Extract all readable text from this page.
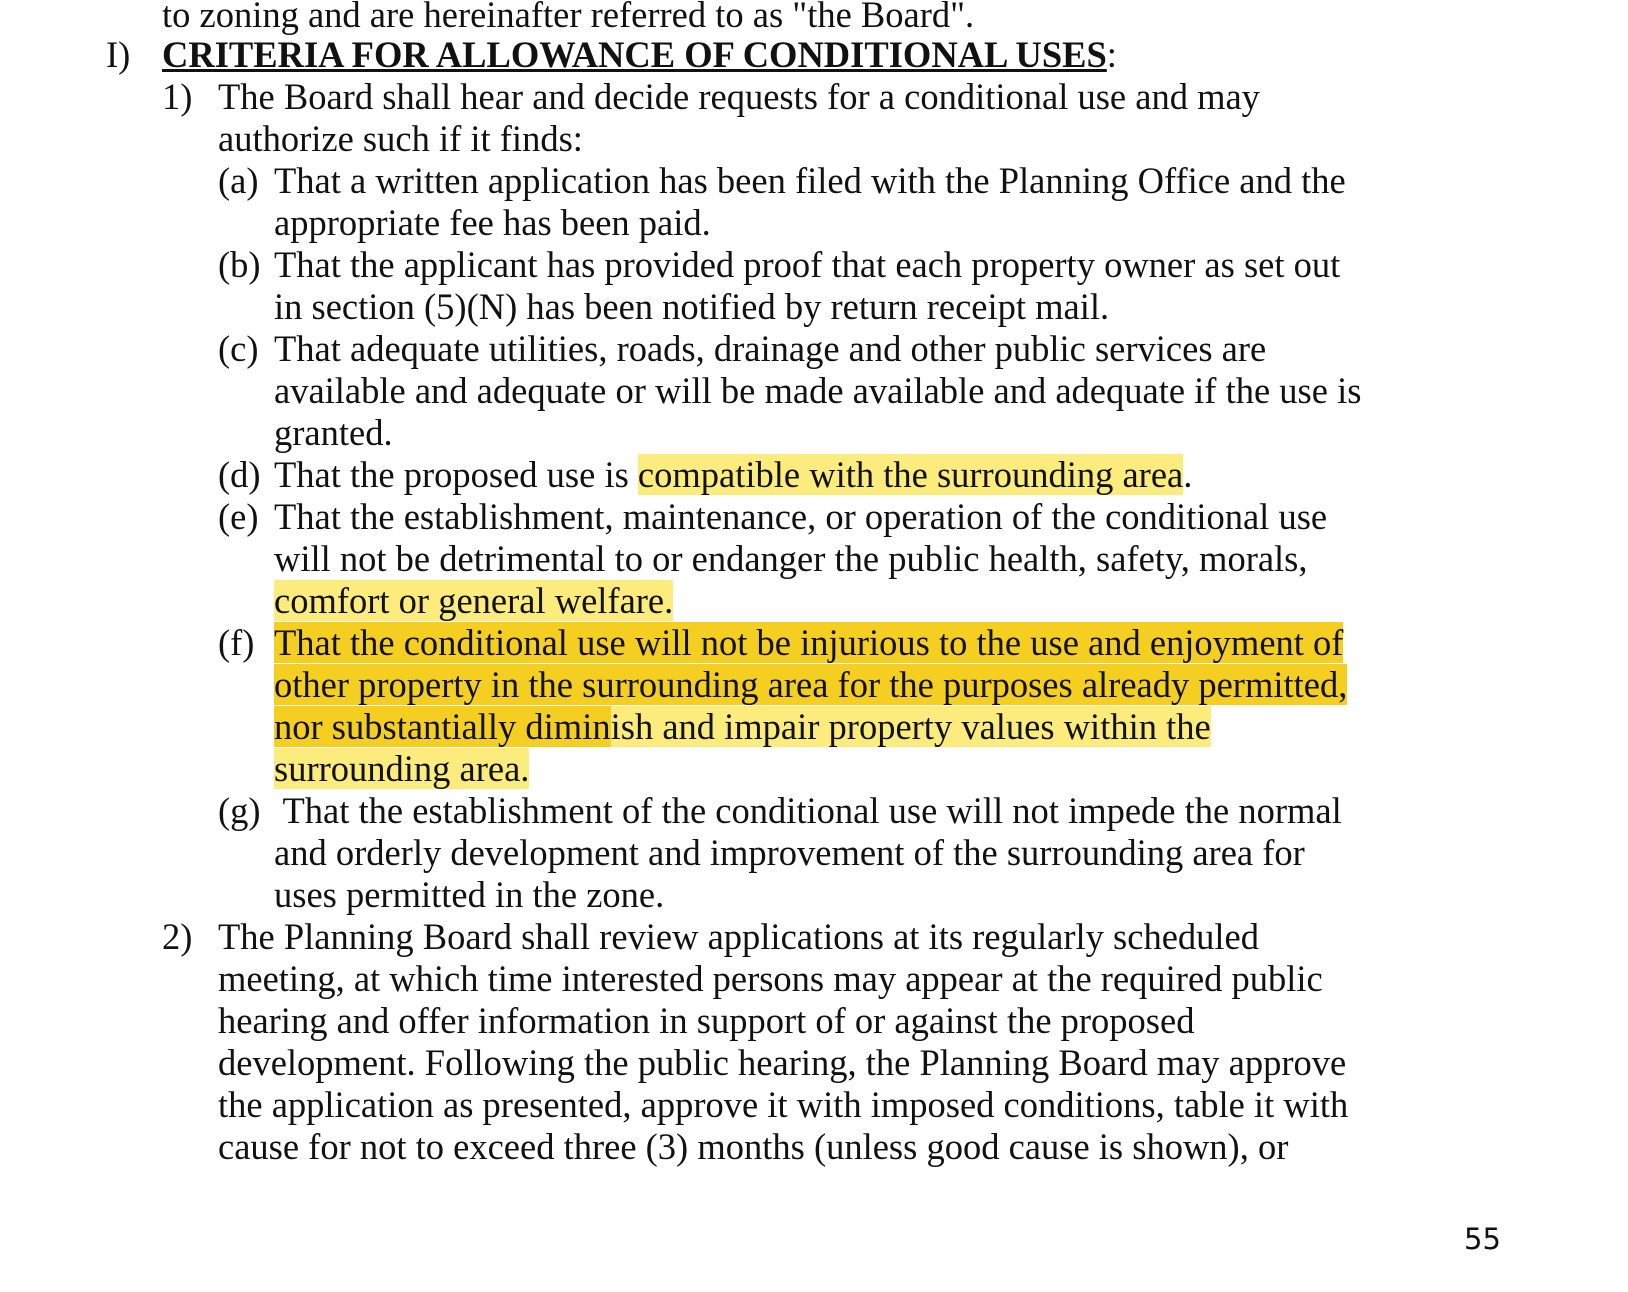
to zoning and are hereinafter referred to as "the Board".
I) CRITERIA FOR ALLOWANCE OF CONDITIONAL USES:
1) The Board shall hear and decide requests for a conditional use and may
authorize such if it finds:
(a) That a written application has been filed with the Planning Office and the
appropriate fee has been paid.
(b) That the applicant has provided proof that each property owner as set out
in section (5)(N) has been notified by return receipt mail.
(c) That adequate utilities, roads, drainage and other public services are
available and adequate or will be made available and adequate if the use is
granted.
(d) That the proposed use is compatible with the surrounding area.
(e) That the establishment, maintenance, or operation of the conditional use
will not be detrimental to or endanger the public health, safety, morals,
comfort or general welfare.
(f) That the conditional use will not be injurious to the use and enjoyment of
other property in the surrounding area for the purposes already permitted,
nor substantially diminish and impair property values within the
surrounding area.
(g) That the establishment of the conditional use will not impede the normal
and orderly development and improvement of the surrounding area for
uses permitted in the zone.
2) The Planning Board shall review applications at its regularly scheduled
meeting, at which time interested persons may appear at the required public
hearing and offer information in support of or against the proposed
development. Following the public hearing, the Planning Board may approve
the application as presented, approve it with imposed conditions, table it with
cause for not to exceed three (3) months (unless good cause is shown), or
55
